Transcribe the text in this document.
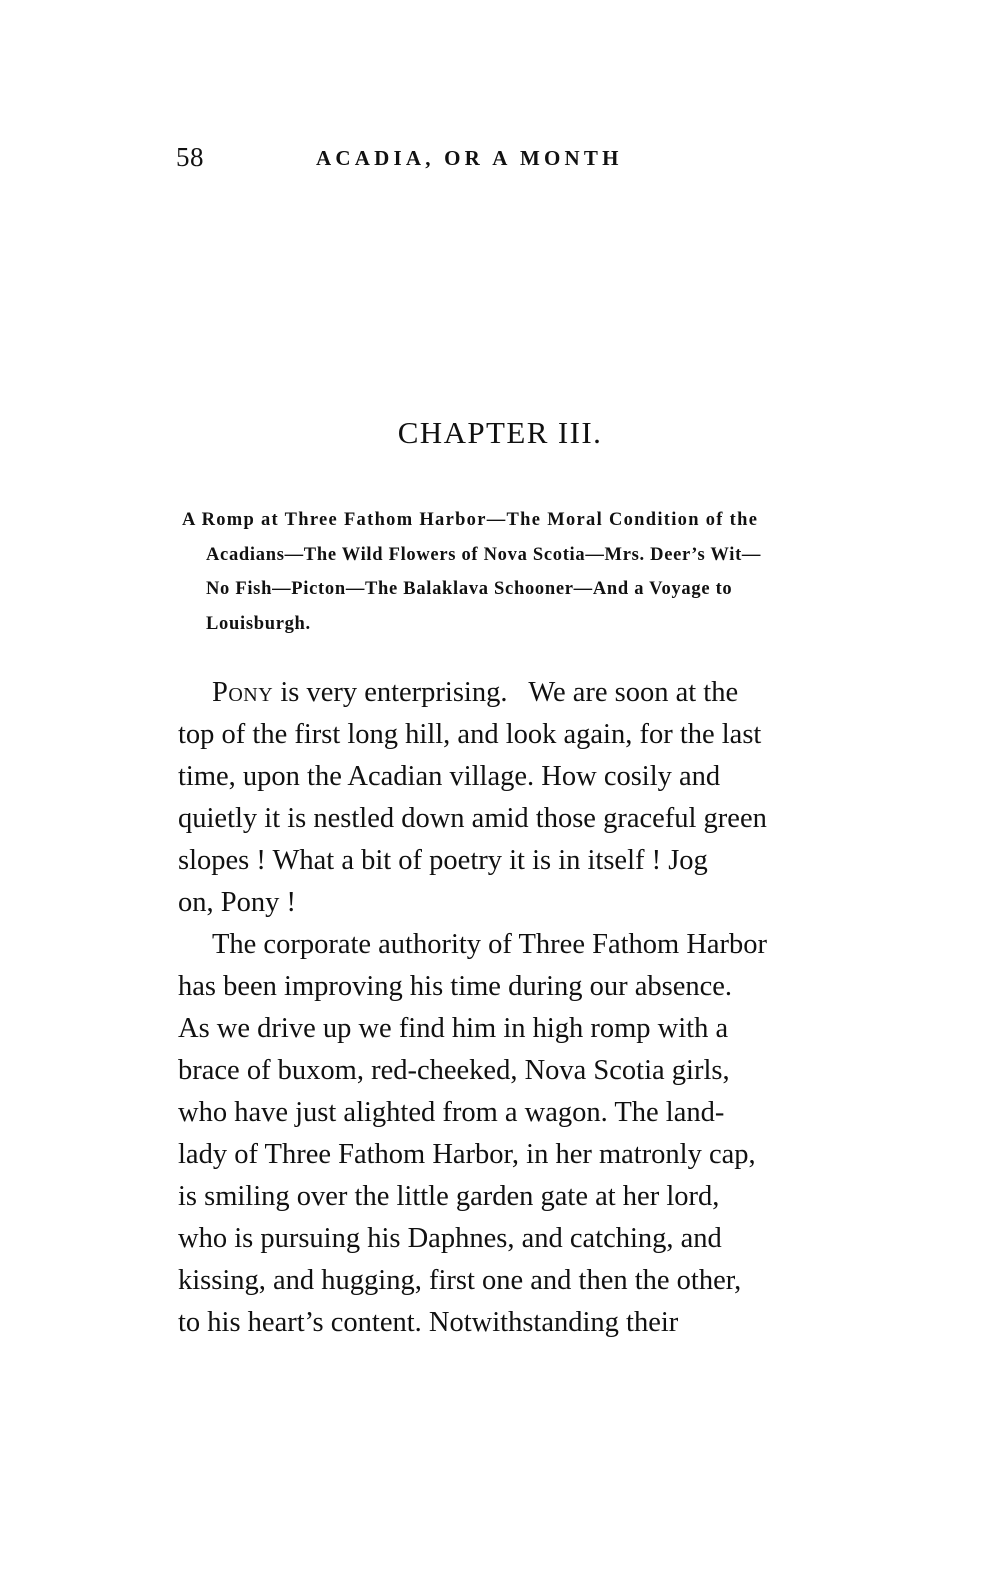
58	ACADIA, OR A MONTH
CHAPTER III.
A Romp at Three Fathom Harbor—The Moral Condition of the
Acadians—The Wild Flowers of Nova Scotia—Mrs. Deer’s Wit—
No Fish—Picton—The Balaklava Schooner—And a Voyage to
Louisburgh.

Pony is very enterprising.   We are soon at the
top of the first long hill, and look again, for the last
time, upon the Acadian village. How cosily and
quietly it is nestled down amid those graceful green
slopes ! What a bit of poetry it is in itself ! Jog
on, Pony !

The corporate authority of Three Fathom Harbor
has been improving his time during our absence.
As we drive up we find him in high romp with a
brace of buxom, red-cheeked, Nova Scotia girls,
who have just alighted from a wagon. The land-
lady of Three Fathom Harbor, in her matronly cap,
is smiling over the little garden gate at her lord,
who is pursuing his Daphnes, and catching, and
kissing, and hugging, first one and then the other,
to his heart’s content. Notwithstanding their
